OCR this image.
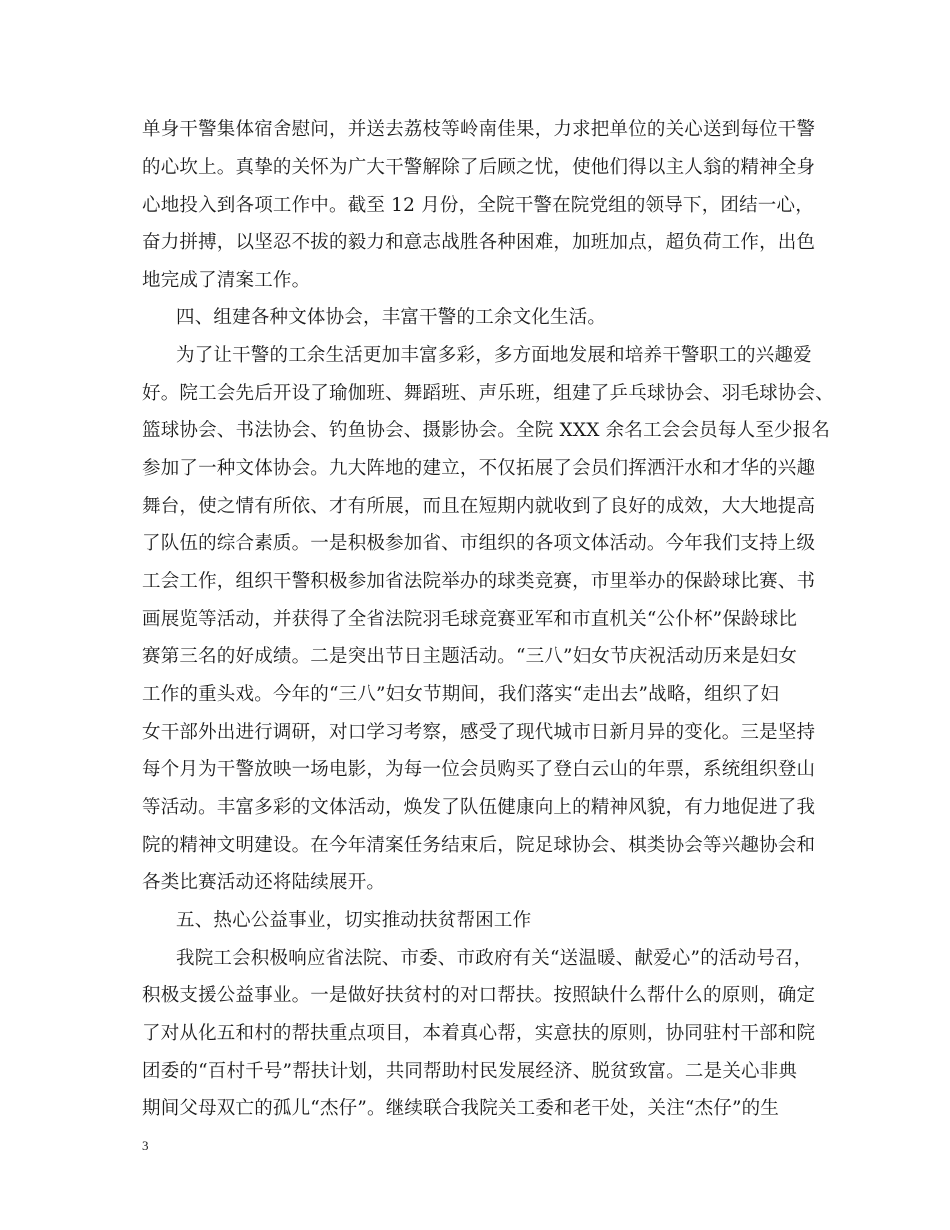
单身干警集体宿舍慰问，并送去荔枝等岭南佳果，力求把单位的关心送到每位干警
的心坎上。真挚的关怀为广大干警解除了后顾之忧，使他们得以主人翁的精神全身
心地投入到各项工作中。截至 12 月份，全院干警在院党组的领导下，团结一心，
奋力拼搏，以坚忍不拔的毅力和意志战胜各种困难，加班加点，超负荷工作，出色
地完成了清案工作。
四、组建各种文体协会，丰富干警的工余文化生活。
为了让干警的工余生活更加丰富多彩，多方面地发展和培养干警职工的兴趣爱
好。院工会先后开设了瑜伽班、舞蹈班、声乐班，组建了乒乓球协会、羽毛球协会、
篮球协会、书法协会、钓鱼协会、摄影协会。全院 XXX 余名工会会员每人至少报名
参加了一种文体协会。九大阵地的建立，不仅拓展了会员们挥洒汗水和才华的兴趣
舞台，使之情有所依、才有所展，而且在短期内就收到了良好的成效，大大地提高
了队伍的综合素质。一是积极参加省、市组织的各项文体活动。今年我们支持上级
工会工作，组织干警积极参加省法院举办的球类竞赛，市里举办的保龄球比赛、书
画展览等活动，并获得了全省法院羽毛球竞赛亚军和市直机关“公仆杯”保龄球比
赛第三名的好成绩。二是突出节日主题活动。“三八”妇女节庆祝活动历来是妇女
工作的重头戏。今年的“三八”妇女节期间，我们落实“走出去”战略，组织了妇
女干部外出进行调研，对口学习考察，感受了现代城市日新月异的变化。三是坚持
每个月为干警放映一场电影，为每一位会员购买了登白云山的年票，系统组织登山
等活动。丰富多彩的文体活动，焕发了队伍健康向上的精神风貌，有力地促进了我
院的精神文明建设。在今年清案任务结束后，院足球协会、棋类协会等兴趣协会和
各类比赛活动还将陆续展开。
五、热心公益事业，切实推动扶贫帮困工作
我院工会积极响应省法院、市委、市政府有关“送温暖、献爱心”的活动号召，
积极支援公益事业。一是做好扶贫村的对口帮扶。按照缺什么帮什么的原则，确定
了对从化五和村的帮扶重点项目，本着真心帮，实意扶的原则，协同驻村干部和院
团委的“百村千号”帮扶计划，共同帮助村民发展经济、脱贫致富。二是关心非典
期间父母双亡的孤儿“杰仔”。继续联合我院关工委和老干处，关注“杰仔”的生
3
